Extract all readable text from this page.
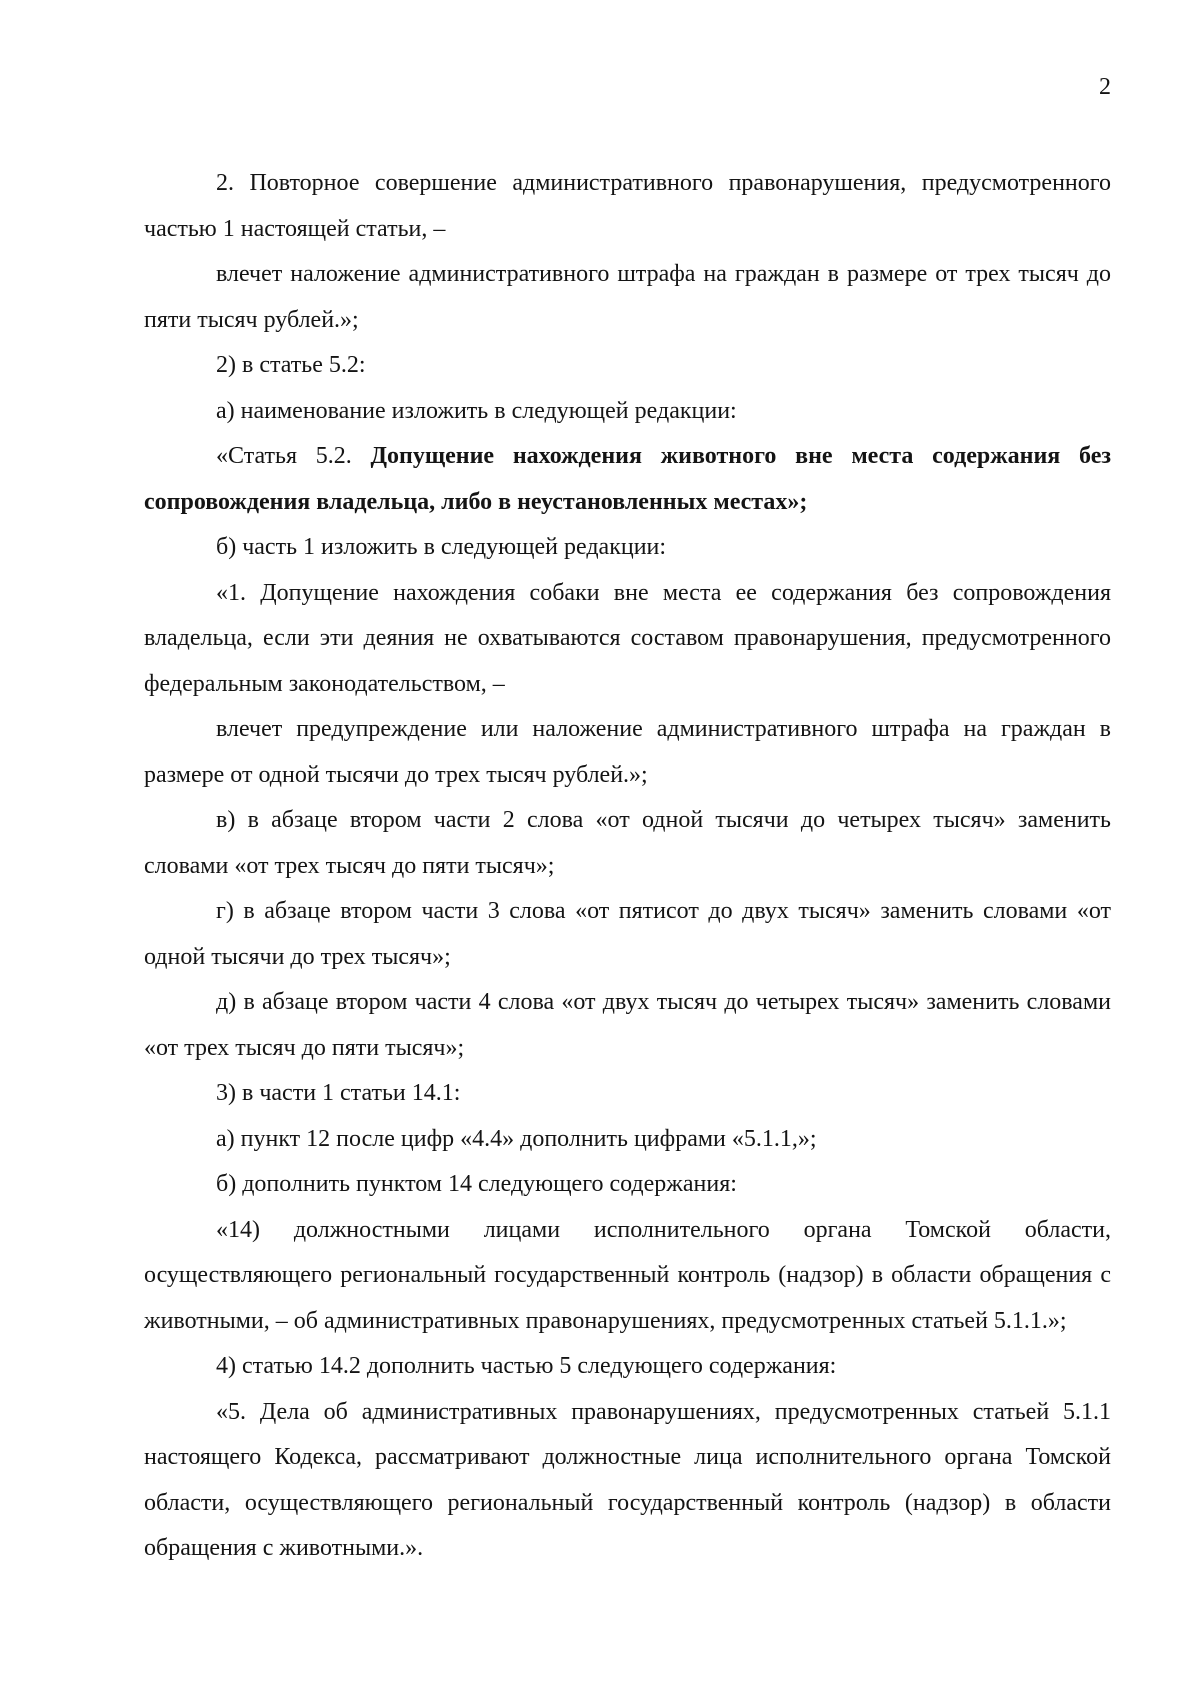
2

2. Повторное совершение административного правонарушения, предусмотренного частью 1 настоящей статьи, –

влечет наложение административного штрафа на граждан в размере от трех тысяч до пяти тысяч рублей.»;

2) в статье 5.2:

а) наименование изложить в следующей редакции:

«Статья 5.2. Допущение нахождения животного вне места содержания без сопровождения владельца, либо в неустановленных местах»;

б) часть 1 изложить в следующей редакции:

«1. Допущение нахождения собаки вне места ее содержания без сопровождения владельца, если эти деяния не охватываются составом правонарушения, предусмотренного федеральным законодательством, –

влечет предупреждение или наложение административного штрафа на граждан в размере от одной тысячи до трех тысяч рублей.»;

в) в абзаце втором части 2 слова «от одной тысячи до четырех тысяч» заменить словами «от трех тысяч до пяти тысяч»;

г) в абзаце втором части 3 слова «от пятисот до двух тысяч» заменить словами «от одной тысячи до трех тысяч»;

д) в абзаце втором части 4 слова «от двух тысяч до четырех тысяч» заменить словами «от трех тысяч до пяти тысяч»;

3) в части 1 статьи 14.1:

а) пункт 12 после цифр «4.4» дополнить цифрами «5.1.1,»;

б) дополнить пунктом 14 следующего содержания:

«14) должностными лицами исполнительного органа Томской области, осуществляющего региональный государственный контроль (надзор) в области обращения с животными, – об административных правонарушениях, предусмотренных статьей 5.1.1.»;

4) статью 14.2 дополнить частью 5 следующего содержания:

«5. Дела об административных правонарушениях, предусмотренных статьей 5.1.1 настоящего Кодекса, рассматривают должностные лица исполнительного органа Томской области, осуществляющего региональный государственный контроль (надзор) в области обращения с животными.».
